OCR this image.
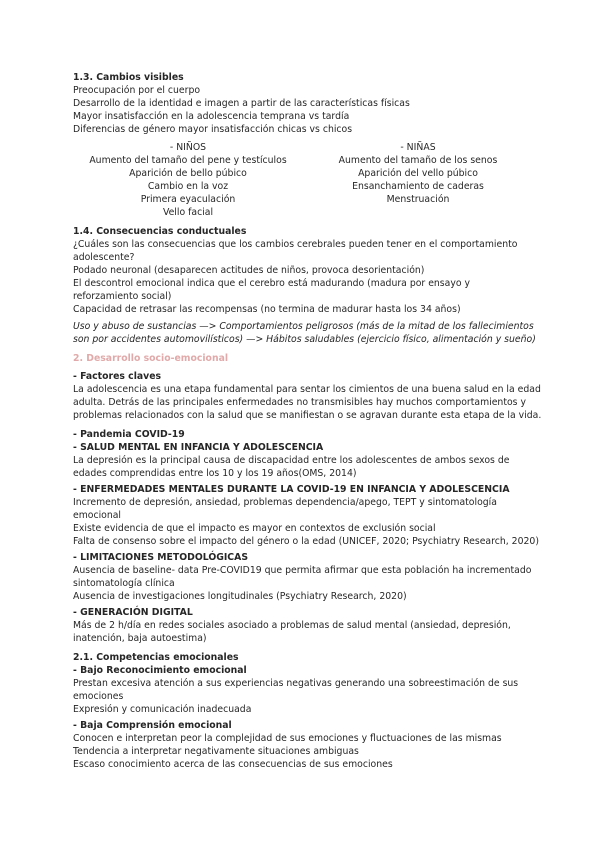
1.3. Cambios visibles
Preocupación por el cuerpo
Desarrollo de la identidad e imagen a partir de las características físicas
Mayor insatisfacción en la adolescencia temprana vs tardía
Diferencias de género mayor insatisfacción chicas vs chicos
- NIÑOS
Aumento del tamaño del pene y testículos
Aparición de bello púbico
Cambio en la voz
Primera eyaculación
Vello facial
- NIÑAS
Aumento del tamaño de los senos
Aparición del vello púbico
Ensanchamiento de caderas
Menstruación
1.4. Consecuencias conductuales
¿Cuáles son las consecuencias que los cambios cerebrales pueden tener en el comportamiento
adolescente?
Podado neuronal (desaparecen actitudes de niños, provoca desorientación)
El descontrol emocional indica que el cerebro está madurando (madura por ensayo y
reforzamiento social)
Capacidad de retrasar las recompensas (no termina de madurar hasta los 34 años)
Uso y abuso de sustancias —> Comportamientos peligrosos (más de la mitad de los fallecimientos
son por accidentes automovilísticos) —> Hábitos saludables (ejercicio físico, alimentación y sueño)
2. Desarrollo socio-emocional
- Factores claves
La adolescencia es una etapa fundamental para sentar los cimientos de una buena salud en la edad
adulta. Detrás de las principales enfermedades no transmisibles hay muchos comportamientos y
problemas relacionados con la salud que se manifiestan o se agravan durante esta etapa de la vida.
- Pandemia COVID-19
- SALUD MENTAL EN INFANCIA Y ADOLESCENCIA
La depresión es la principal causa de discapacidad entre los adolescentes de ambos sexos de
edades comprendidas entre los 10 y los 19 años(OMS, 2014)
- ENFERMEDADES MENTALES DURANTE LA COVID-19 EN INFANCIA Y ADOLESCENCIA
Incremento de depresión, ansiedad, problemas dependencia/apego, TEPT y sintomatología
emocional
Existe evidencia de que el impacto es mayor en contextos de exclusión social
Falta de consenso sobre el impacto del género o la edad (UNICEF, 2020; Psychiatry Research, 2020)
- LIMITACIONES METODOLÓGICAS
Ausencia de baseline- data Pre-COVID19 que permita afirmar que esta población ha incrementado
sintomatología clínica
Ausencia de investigaciones longitudinales (Psychiatry Research, 2020)
- GENERACIÓN DIGITAL
Más de 2 h/día en redes sociales asociado a problemas de salud mental (ansiedad, depresión,
inatención, baja autoestima)
2.1. Competencias emocionales
- Bajo Reconocimiento emocional
Prestan excesiva atención a sus experiencias negativas generando una sobreestimación de sus
emociones
Expresión y comunicación inadecuada
- Baja Comprensión emocional
Conocen e interpretan peor la complejidad de sus emociones y fluctuaciones de las mismas
Tendencia a interpretar negativamente situaciones ambiguas
Escaso conocimiento acerca de las consecuencias de sus emociones
